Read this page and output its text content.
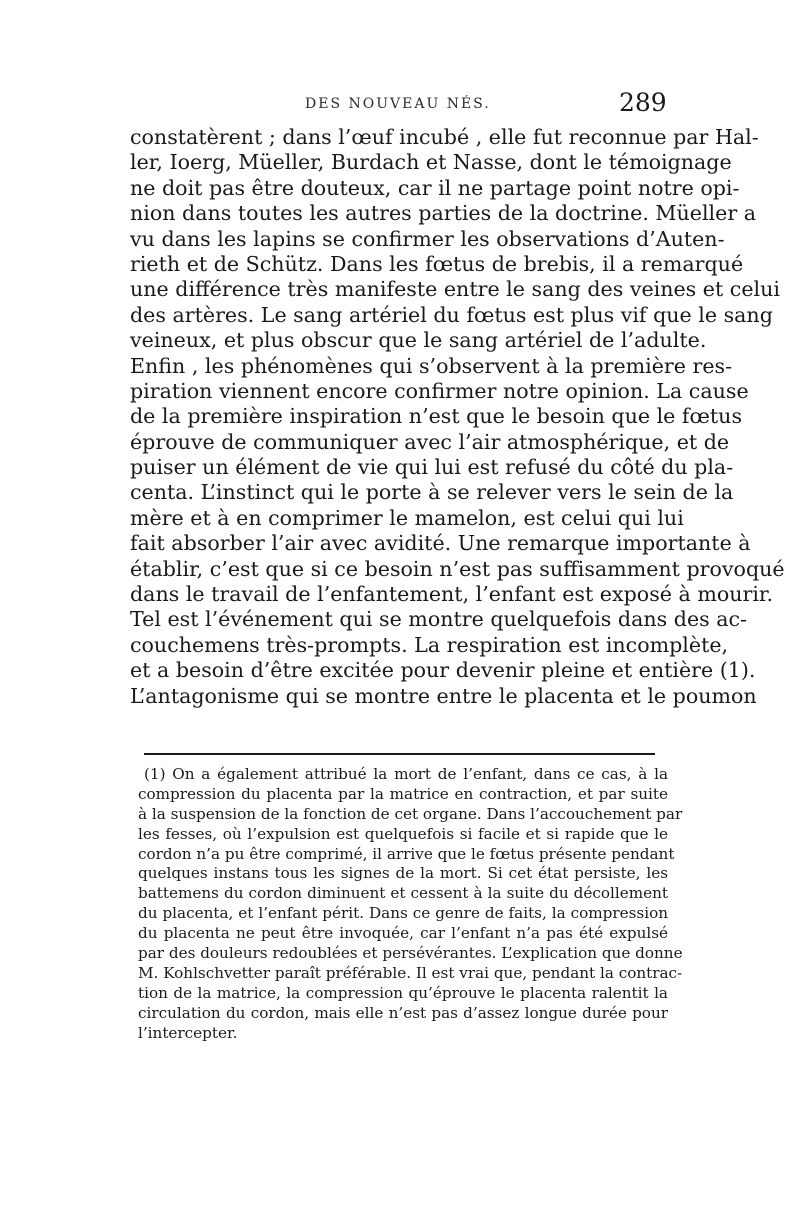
DES NOUVEAU NÉS.	289
constatèrent ; dans l’œuf incubé , elle fut reconnue par Hal-
ler, Ioerg, Müeller, Burdach et Nasse, dont le témoignage
ne doit pas être douteux, car il ne partage point notre opi-
nion dans toutes les autres parties de la doctrine. Müeller a
vu dans les lapins se confirmer les observations d’Auten-
rieth et de Schütz. Dans les fœtus de brebis, il a remarqué
une différence très manifeste entre le sang des veines et celui
des artères. Le sang artériel du fœtus est plus vif que le sang
veineux, et plus obscur que le sang artériel de l’adulte.
Enfin , les phénomènes qui s’observent à la première res-
piration viennent encore confirmer notre opinion. La cause
de la première inspiration n’est que le besoin que le fœtus
éprouve de communiquer avec l’air atmosphérique, et de
puiser un élément de vie qui lui est refusé du côté du pla-
centa. L’instinct qui le porte à se relever vers le sein de la
mère et à en comprimer le mamelon, est celui qui lui
fait absorber l’air avec avidité. Une remarque importante à
établir, c’est que si ce besoin n’est pas suffisamment provoqué
dans le travail de l’enfantement, l’enfant est exposé à mourir.
Tel est l’événement qui se montre quelquefois dans des ac-
couchemens très-prompts. La respiration est incomplète,
et a besoin d’être excitée pour devenir pleine et entière (1).
L’antagonisme qui se montre entre le placenta et le poumon
(1) On a également attribué la mort de l’enfant, dans ce cas, à la
compression du placenta par la matrice en contraction, et par suite
à la suspension de la fonction de cet organe. Dans l’accouchement par
les fesses, où l’expulsion est quelquefois si facile et si rapide que le
cordon n’a pu être comprimé, il arrive que le fœtus présente pendant
quelques instans tous les signes de la mort. Si cet état persiste, les
battemens du cordon diminuent et cessent à la suite du décollement
du placenta, et l’enfant périt. Dans ce genre de faits, la compression
du placenta ne peut être invoquée, car l’enfant n’a pas été expulsé
par des douleurs redoublées et persévérantes. L’explication que donne
M. Kohlschvetter paraît préférable. Il est vrai que, pendant la contrac-
tion de la matrice, la compression qu’éprouve le placenta ralentit la
circulation du cordon, mais elle n’est pas d’assez longue durée pour
l’intercepter.
